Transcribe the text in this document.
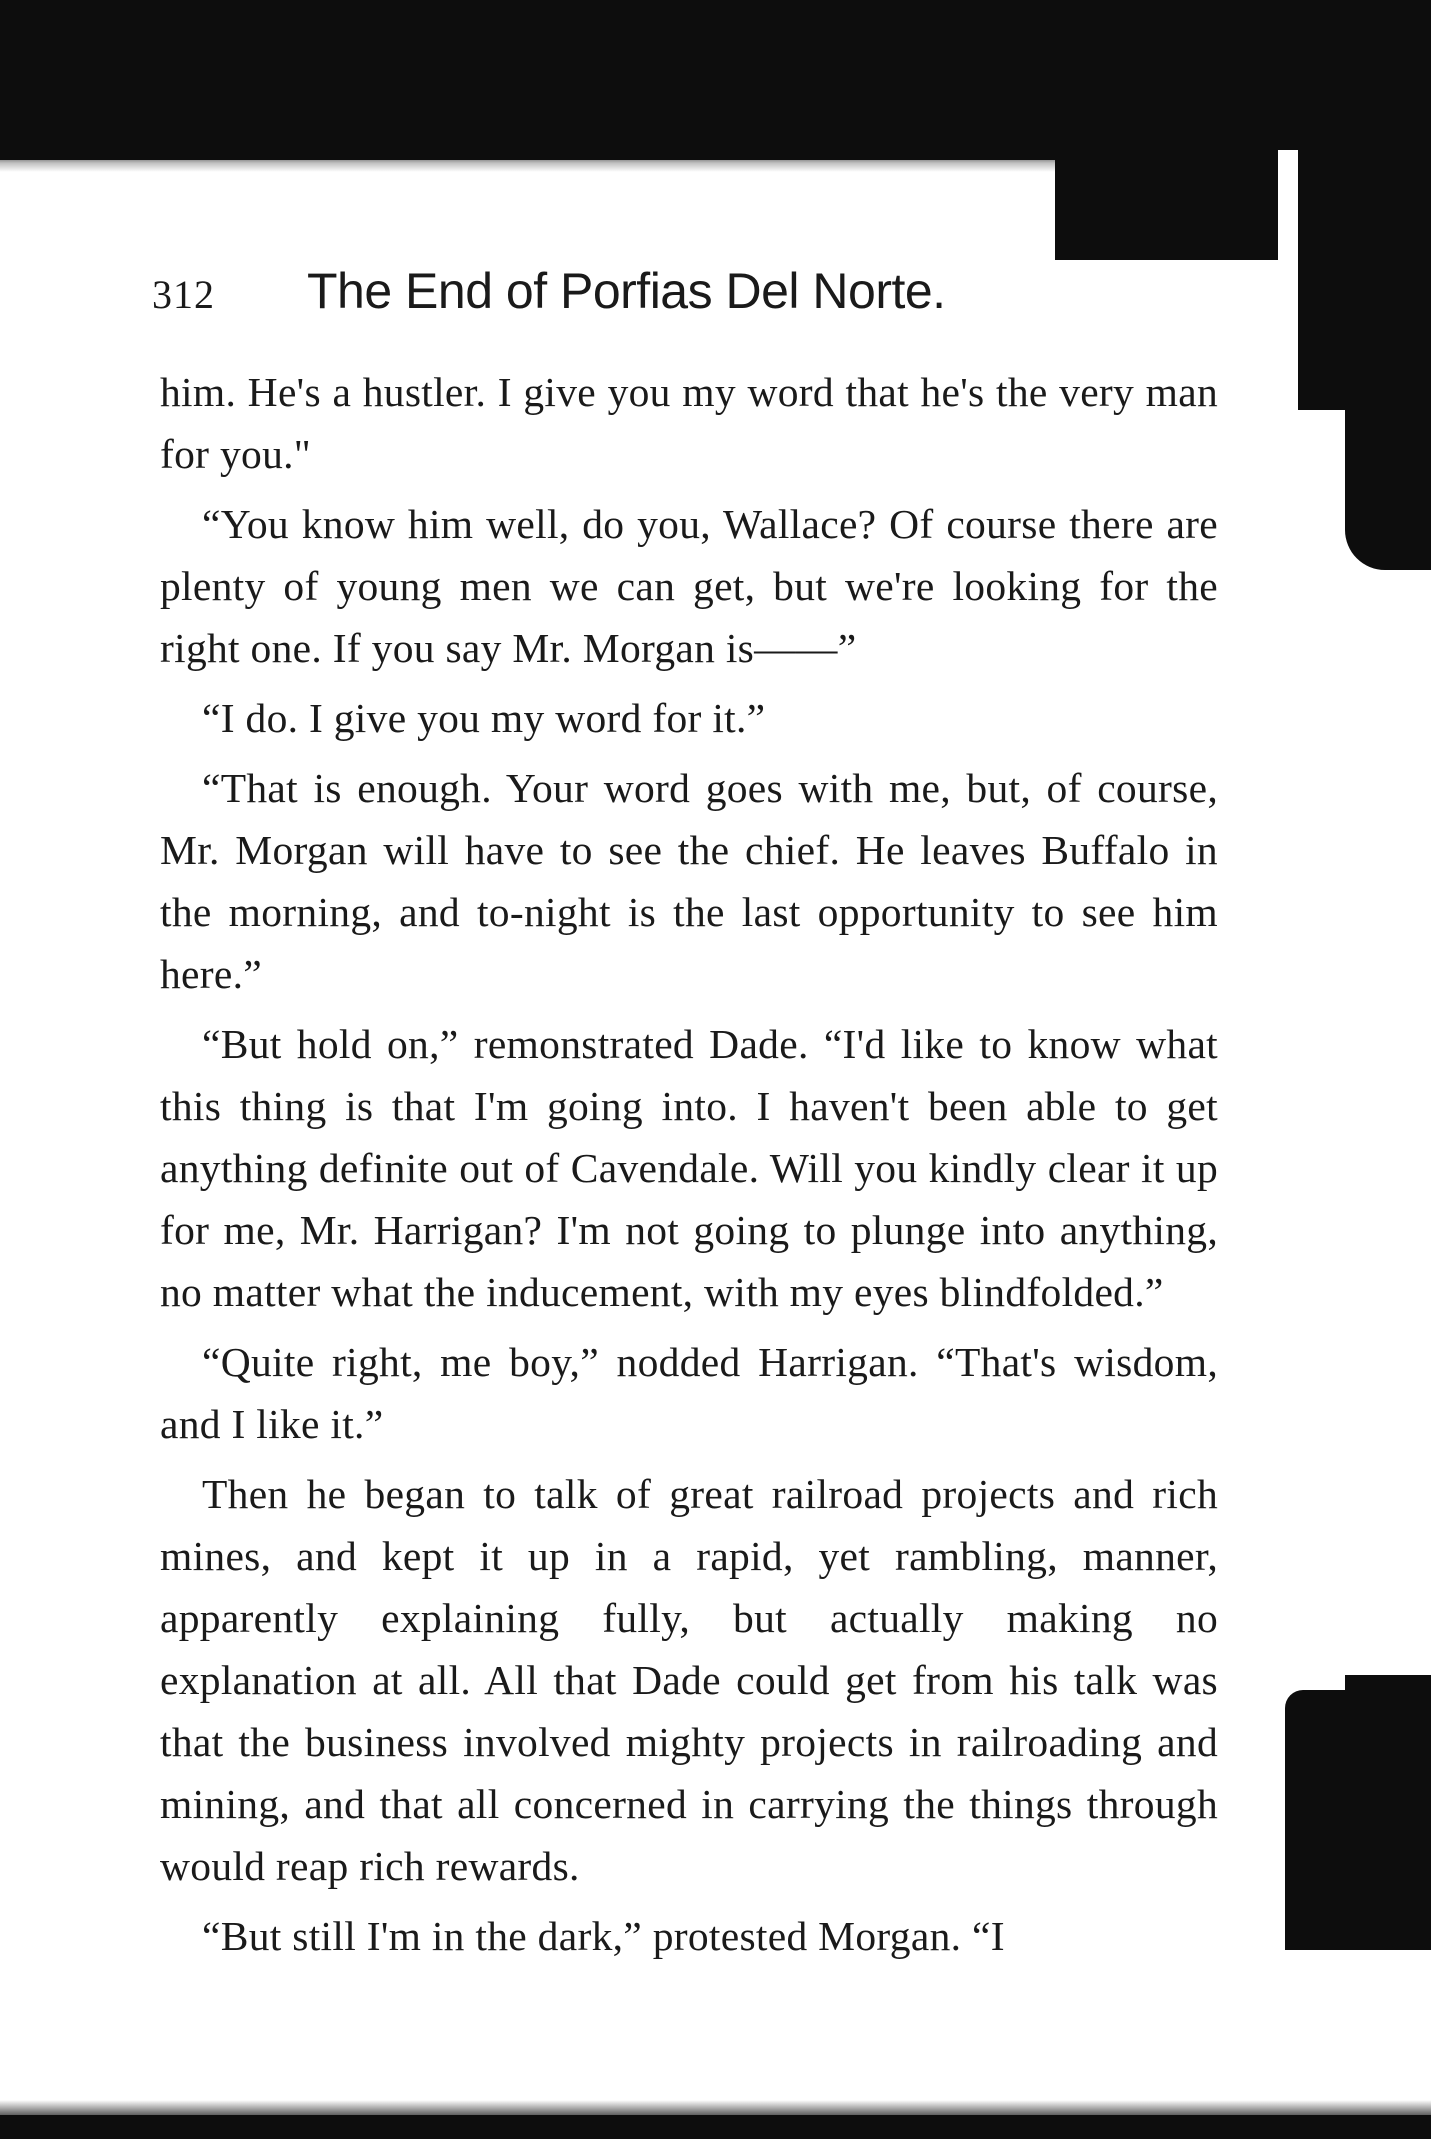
312	The End of Porfias Del Norte.

him. He's a hustler. I give you my word that he's the very man for you."

“You know him well, do you, Wallace? Of course there are plenty of young men we can get, but we're looking for the right one. If you say Mr. Morgan is——”

“I do. I give you my word for it.”

“That is enough. Your word goes with me, but, of course, Mr. Morgan will have to see the chief. He leaves Buffalo in the morning, and to-night is the last opportunity to see him here.”

“But hold on,” remonstrated Dade. “I'd like to know what this thing is that I'm going into. I haven't been able to get anything definite out of Cavendale. Will you kindly clear it up for me, Mr. Harrigan? I'm not going to plunge into anything, no matter what the inducement, with my eyes blindfolded.”

“Quite right, me boy,” nodded Harrigan. “That's wisdom, and I like it.”

Then he began to talk of great railroad projects and rich mines, and kept it up in a rapid, yet rambling, manner, apparently explaining fully, but actually making no explanation at all. All that Dade could get from his talk was that the business involved mighty projects in railroading and mining, and that all concerned in carrying the things through would reap rich rewards.

“But still I'm in the dark,” protested Morgan. “I
